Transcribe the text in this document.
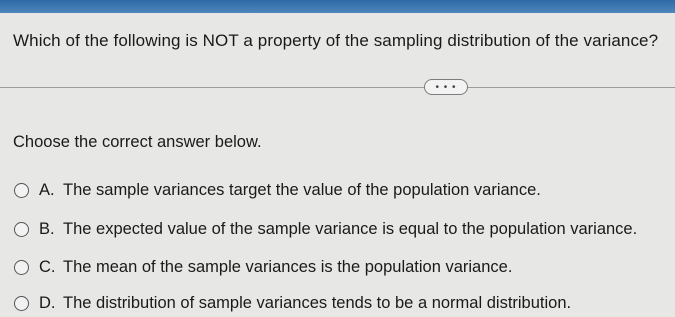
Which of the following is NOT a property of the sampling distribution of the variance?
• • •
Choose the correct answer below.
A. The sample variances target the value of the population variance.
B. The expected value of the sample variance is equal to the population variance.
C. The mean of the sample variances is the population variance.
D. The distribution of sample variances tends to be a normal distribution.
